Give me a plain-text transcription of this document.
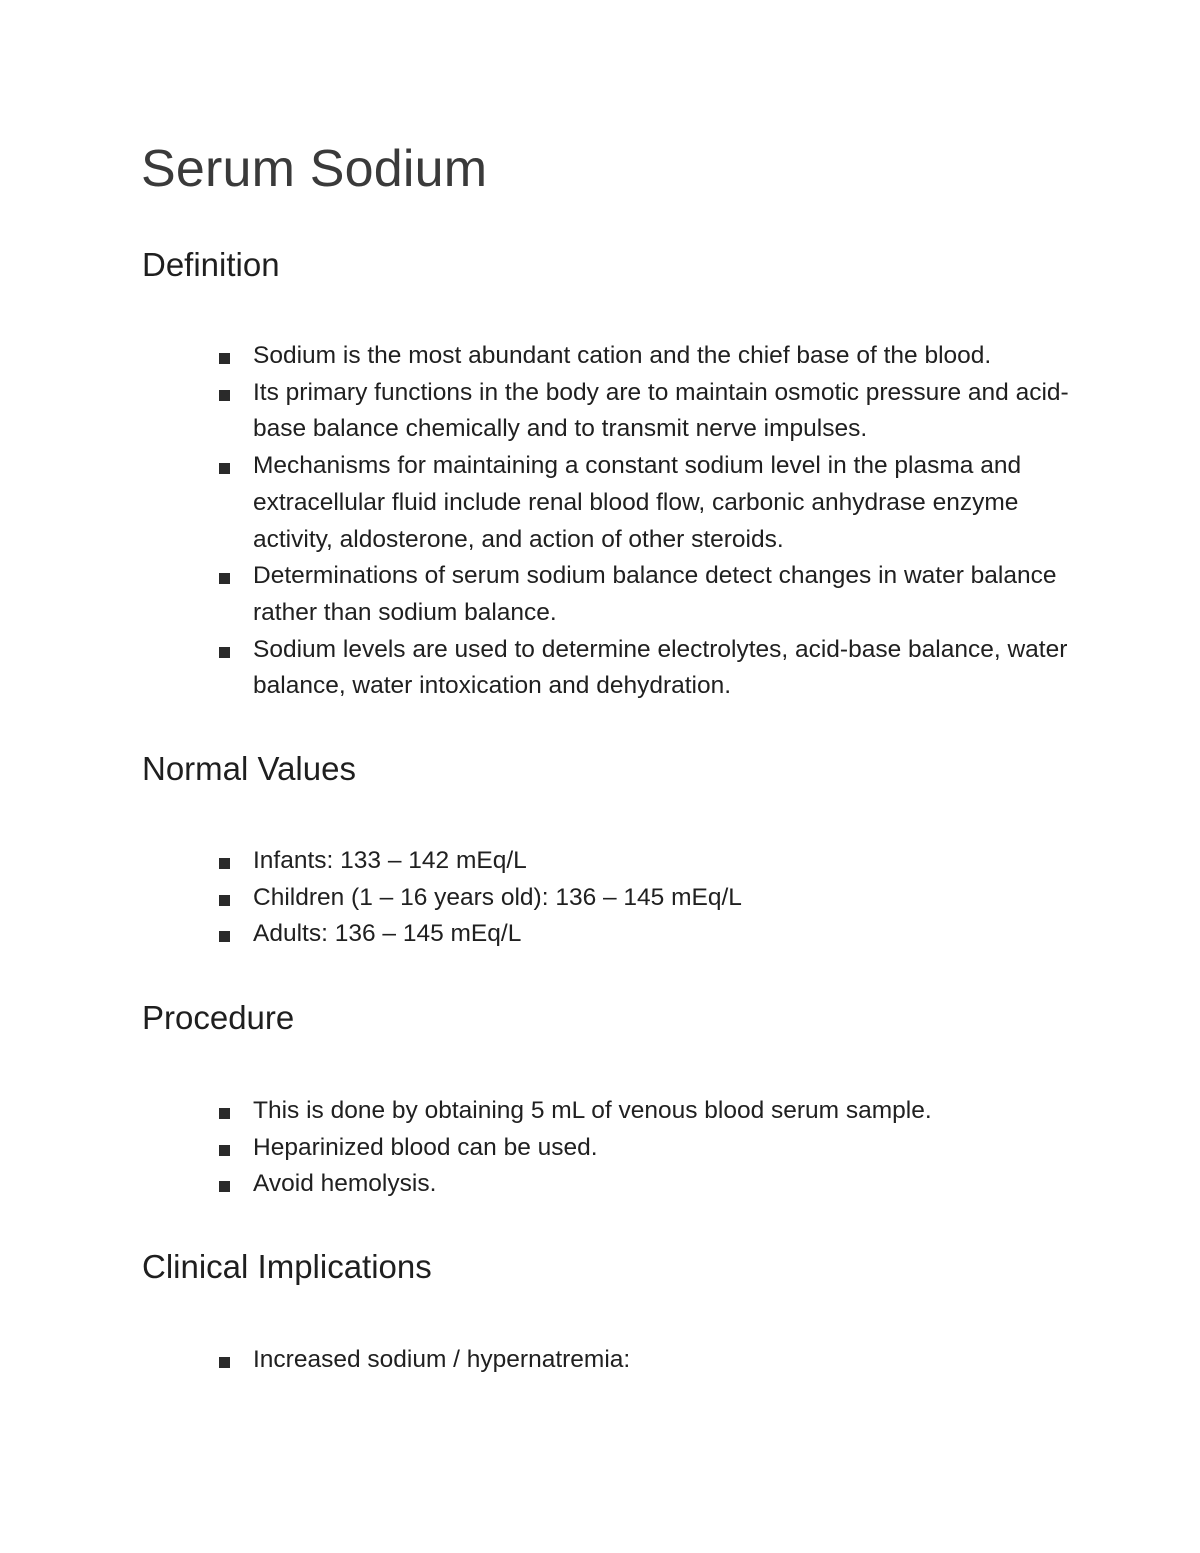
Serum Sodium
Definition
Sodium is the most abundant cation and the chief base of the blood.
Its primary functions in the body are to maintain osmotic pressure and acid-base balance chemically and to transmit nerve impulses.
Mechanisms for maintaining a constant sodium level in the plasma and extracellular fluid include renal blood flow, carbonic anhydrase enzyme activity, aldosterone, and action of other steroids.
Determinations of serum sodium balance detect changes in water balance rather than sodium balance.
Sodium levels are used to determine electrolytes, acid-base balance, water balance, water intoxication and dehydration.
Normal Values
Infants: 133 – 142 mEq/L
Children (1 – 16 years old): 136 – 145 mEq/L
Adults: 136 – 145 mEq/L
Procedure
This is done by obtaining 5 mL of venous blood serum sample.
Heparinized blood can be used.
Avoid hemolysis.
Clinical Implications
Increased sodium / hypernatremia:
